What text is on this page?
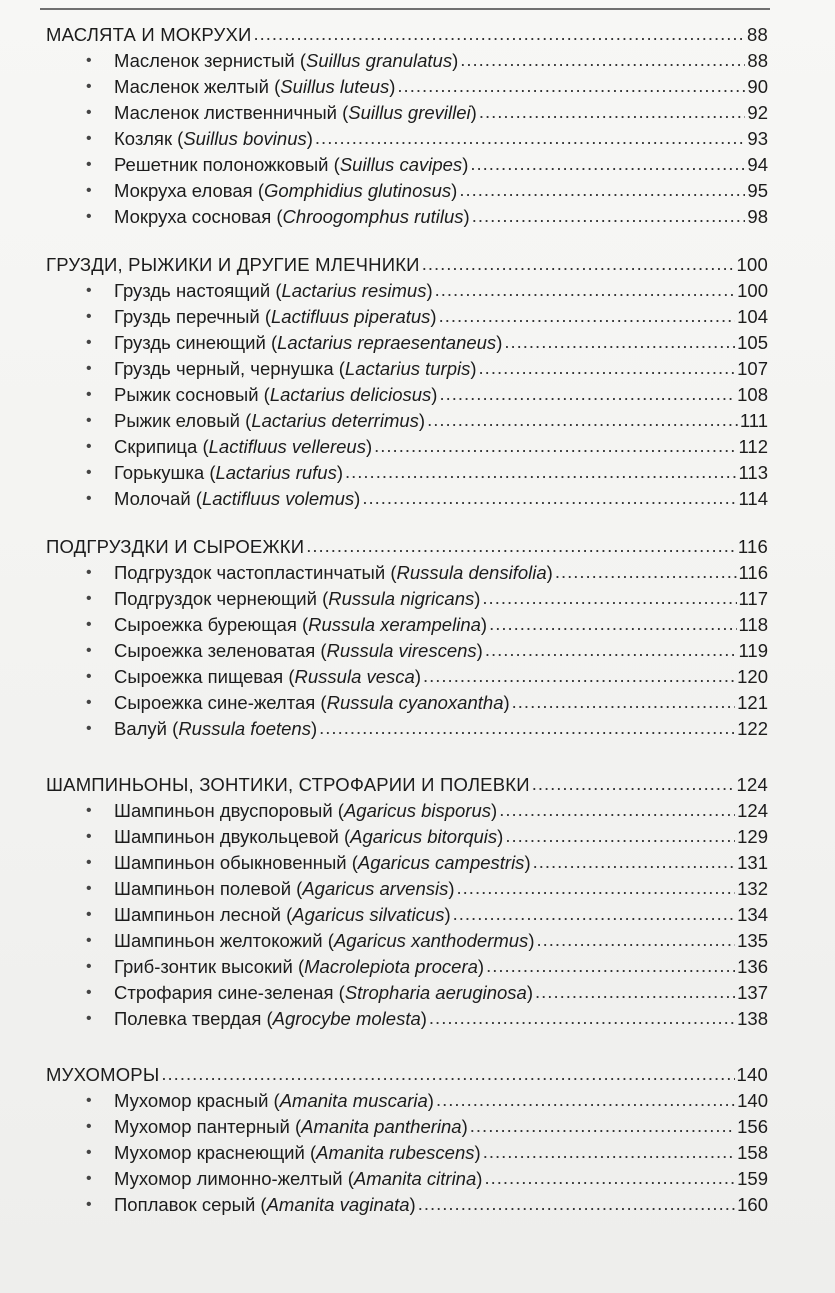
МАСЛЯТА И МОКРУХИ .....	88
•	Масленок зернистый (Suillus granulatus) .....	88
•	Масленок желтый (Suillus luteus) .....	90
•	Масленок лиственничный (Suillus grevillei) .....	92
•	Козляк (Suillus bovinus) .....	93
•	Решетник полоножковый (Suillus cavipes) .....	94
•	Мокруха еловая (Gomphidius glutinosus) .....	95
•	Мокруха сосновая (Chroogomphus rutilus) .....	98
ГРУЗДИ, РЫЖИКИ И ДРУГИЕ МЛЕЧНИКИ .....	100
•	Груздь настоящий (Lactarius resimus) .....	100
•	Груздь перечный (Lactifluus piperatus) .....	104
•	Груздь синеющий (Lactarius repraesentaneus) .....	105
•	Груздь черный, чернушка (Lactarius turpis) .....	107
•	Рыжик сосновый (Lactarius deliciosus) .....	108
•	Рыжик еловый (Lactarius deterrimus) .....	111
•	Скрипица (Lactifluus vellereus) .....	112
•	Горькушка (Lactarius rufus) .....	113
•	Молочай (Lactifluus volemus) .....	114
ПОДГРУЗДКИ И СЫРОЕЖКИ .....	116
•	Подгруздок частопластинчатый (Russula densifolia) .....	116
•	Подгруздок чернеющий (Russula nigricans) .....	117
•	Сыроежка буреющая (Russula xerampelina) .....	118
•	Сыроежка зеленоватая (Russula virescens) .....	119
•	Сыроежка пищевая (Russula vesca) .....	120
•	Сыроежка сине-желтая (Russula cyanoxantha) .....	121
•	Валуй (Russula foetens) .....	122
ШАМПИНЬОНЫ, ЗОНТИКИ, СТРОФАРИИ И ПОЛЕВКИ .....	124
•	Шампиньон двуспоровый (Agaricus bisporus) .....	124
•	Шампиньон двукольцевой (Agaricus bitorquis) .....	129
•	Шампиньон обыкновенный (Agaricus campestris) .....	131
•	Шампиньон полевой (Agaricus arvensis) .....	132
•	Шампиньон лесной (Agaricus silvaticus) .....	134
•	Шампиньон желтокожий (Agaricus xanthodermus) .....	135
•	Гриб-зонтик высокий (Macrolepiota procera) .....	136
•	Строфария сине-зеленая (Stropharia aeruginosa) .....	137
•	Полевка твердая (Agrocybe molesta) .....	138
МУХОМОРЫ .....	140
•	Мухомор красный (Amanita muscaria) .....	140
•	Мухомор пантерный (Amanita pantherina) .....	156
•	Мухомор краснеющий (Amanita rubescens) .....	158
•	Мухомор лимонно-желтый (Amanita citrina) .....	159
•	Поплавок серый (Amanita vaginata) .....	160
